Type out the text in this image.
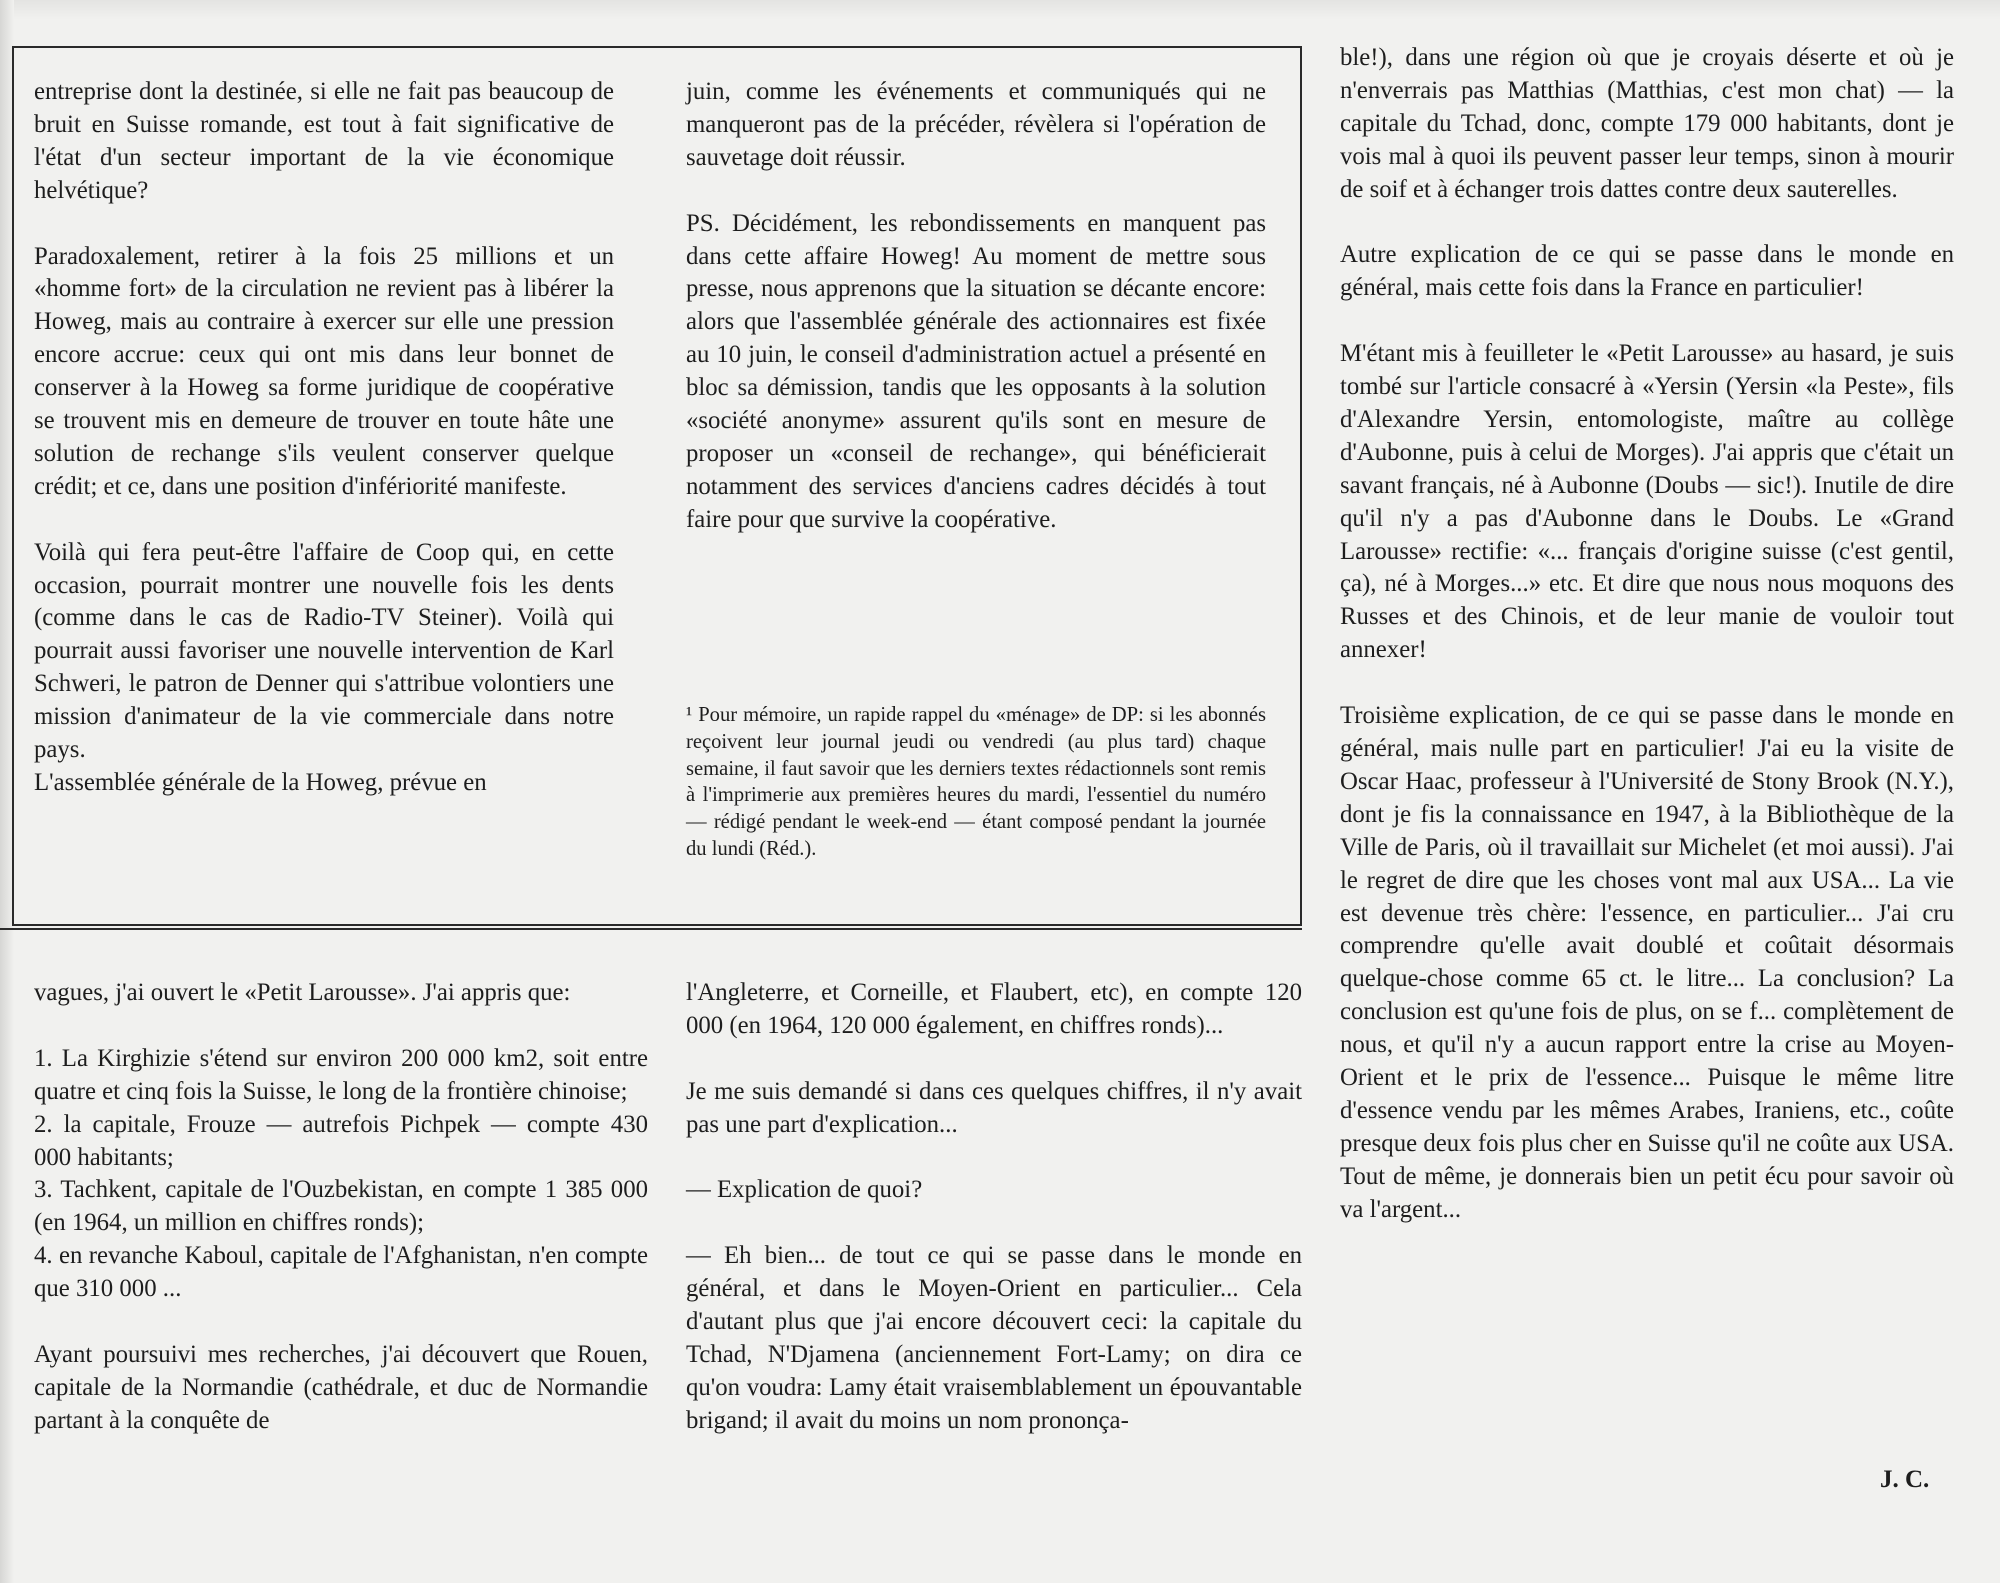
entreprise dont la destinée, si elle ne fait pas beaucoup de bruit en Suisse romande, est tout à fait significative de l'état d'un secteur important de la vie économique helvétique?

Paradoxalement, retirer à la fois 25 millions et un «homme fort» de la circulation ne revient pas à libérer la Howeg, mais au contraire à exercer sur elle une pression encore accrue: ceux qui ont mis dans leur bonnet de conserver à la Howeg sa forme juridique de coopérative se trouvent mis en demeure de trouver en toute hâte une solution de rechange s'ils veulent conserver quelque crédit; et ce, dans une position d'infériorité manifeste.

Voilà qui fera peut-être l'affaire de Coop qui, en cette occasion, pourrait montrer une nouvelle fois les dents (comme dans le cas de Radio-TV Steiner). Voilà qui pourrait aussi favoriser une nouvelle intervention de Karl Schweri, le patron de Denner qui s'attribue volontiers une mission d'animateur de la vie commerciale dans notre pays.

L'assemblée générale de la Howeg, prévue en

juin, comme les événements et communiqués qui ne manqueront pas de la précéder, révèlera si l'opération de sauvetage doit réussir.

PS. Décidément, les rebondissements en manquent pas dans cette affaire Howeg! Au moment de mettre sous presse, nous apprenons que la situation se décante encore: alors que l'assemblée générale des actionnaires est fixée au 10 juin, le conseil d'administration actuel a présenté en bloc sa démission, tandis que les opposants à la solution «société anonyme» assurent qu'ils sont en mesure de proposer un «conseil de rechange», qui bénéficierait notamment des services d'anciens cadres décidés à tout faire pour que survive la coopérative.

¹ Pour mémoire, un rapide rappel du «ménage» de DP: si les abonnés reçoivent leur journal jeudi ou vendredi (au plus tard) chaque semaine, il faut savoir que les derniers textes rédactionnels sont remis à l'imprimerie aux premières heures du mardi, l'essentiel du numéro — rédigé pendant le week-end — étant composé pendant la journée du lundi (Réd.).

vagues, j'ai ouvert le «Petit Larousse». J'ai appris que:

1. La Kirghizie s'étend sur environ 200 000 km2, soit entre quatre et cinq fois la Suisse, le long de la frontière chinoise;

2. la capitale, Frouze — autrefois Pichpek — compte 430 000 habitants;

3. Tachkent, capitale de l'Ouzbekistan, en compte 1 385 000 (en 1964, un million en chiffres ronds);

4. en revanche Kaboul, capitale de l'Afghanistan, n'en compte que 310 000 ...

Ayant poursuivi mes recherches, j'ai découvert que Rouen, capitale de la Normandie (cathédrale, et duc de Normandie partant à la conquête de

l'Angleterre, et Corneille, et Flaubert, etc), en compte 120 000 (en 1964, 120 000 également, en chiffres ronds)...

Je me suis demandé si dans ces quelques chiffres, il n'y avait pas une part d'explication...

— Explication de quoi?

— Eh bien... de tout ce qui se passe dans le monde en général, et dans le Moyen-Orient en particulier... Cela d'autant plus que j'ai encore découvert ceci: la capitale du Tchad, N'Djamena (anciennement Fort-Lamy; on dira ce qu'on voudra: Lamy était vraisemblablement un épouvantable brigand; il avait du moins un nom prononça-

ble!), dans une région où que je croyais déserte et où je n'enverrais pas Matthias (Matthias, c'est mon chat) — la capitale du Tchad, donc, compte 179 000 habitants, dont je vois mal à quoi ils peuvent passer leur temps, sinon à mourir de soif et à échanger trois dattes contre deux sauterelles.

Autre explication de ce qui se passe dans le monde en général, mais cette fois dans la France en particulier!

M'étant mis à feuilleter le «Petit Larousse» au hasard, je suis tombé sur l'article consacré à «Yersin (Yersin «la Peste», fils d'Alexandre Yersin, entomologiste, maître au collège d'Aubonne, puis à celui de Morges). J'ai appris que c'était un savant français, né à Aubonne (Doubs — sic!). Inutile de dire qu'il n'y a pas d'Aubonne dans le Doubs. Le «Grand Larousse» rectifie: «... français d'origine suisse (c'est gentil, ça), né à Morges...» etc. Et dire que nous nous moquons des Russes et des Chinois, et de leur manie de vouloir tout annexer!

Troisième explication, de ce qui se passe dans le monde en général, mais nulle part en particulier! J'ai eu la visite de Oscar Haac, professeur à l'Université de Stony Brook (N.Y.), dont je fis la connaissance en 1947, à la Bibliothèque de la Ville de Paris, où il travaillait sur Michelet (et moi aussi). J'ai le regret de dire que les choses vont mal aux USA... La vie est devenue très chère: l'essence, en particulier... J'ai cru comprendre qu'elle avait doublé et coûtait désormais quelque-chose comme 65 ct. le litre... La conclusion? La conclusion est qu'une fois de plus, on se f... complètement de nous, et qu'il n'y a aucun rapport entre la crise au Moyen-Orient et le prix de l'essence... Puisque le même litre d'essence vendu par les mêmes Arabes, Iraniens, etc., coûte presque deux fois plus cher en Suisse qu'il ne coûte aux USA. Tout de même, je donnerais bien un petit écu pour savoir où va l'argent...

J. C.
